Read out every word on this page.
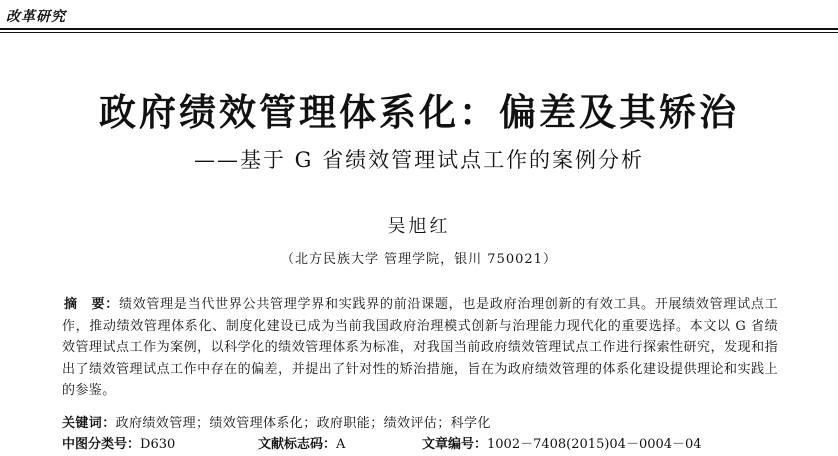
改革研究
政府绩效管理体系化：偏差及其矫治
——基于 G 省绩效管理试点工作的案例分析
吴旭红
（北方民族大学 管理学院，银川 750021）
摘　要：绩效管理是当代世界公共管理学界和实践界的前沿课题，也是政府治理创新的有效工具。开展绩效管理试点工作，推动绩效管理体系化、制度化建设已成为当前我国政府治理模式创新与治理能力现代化的重要选择。本文以 G 省绩效管理试点工作为案例，以科学化的绩效管理体系为标准，对我国当前政府绩效管理试点工作进行探索性研究，发现和指出了绩效管理试点工作中存在的偏差，并提出了针对性的矫治措施，旨在为政府绩效管理的体系化建设提供理论和实践上的参鉴。
关键词：政府绩效管理；绩效管理体系化；政府职能；绩效评估；科学化
中图分类号：D630	文献标志码：A	文章编号：1002－7408(2015)04－0004－04
